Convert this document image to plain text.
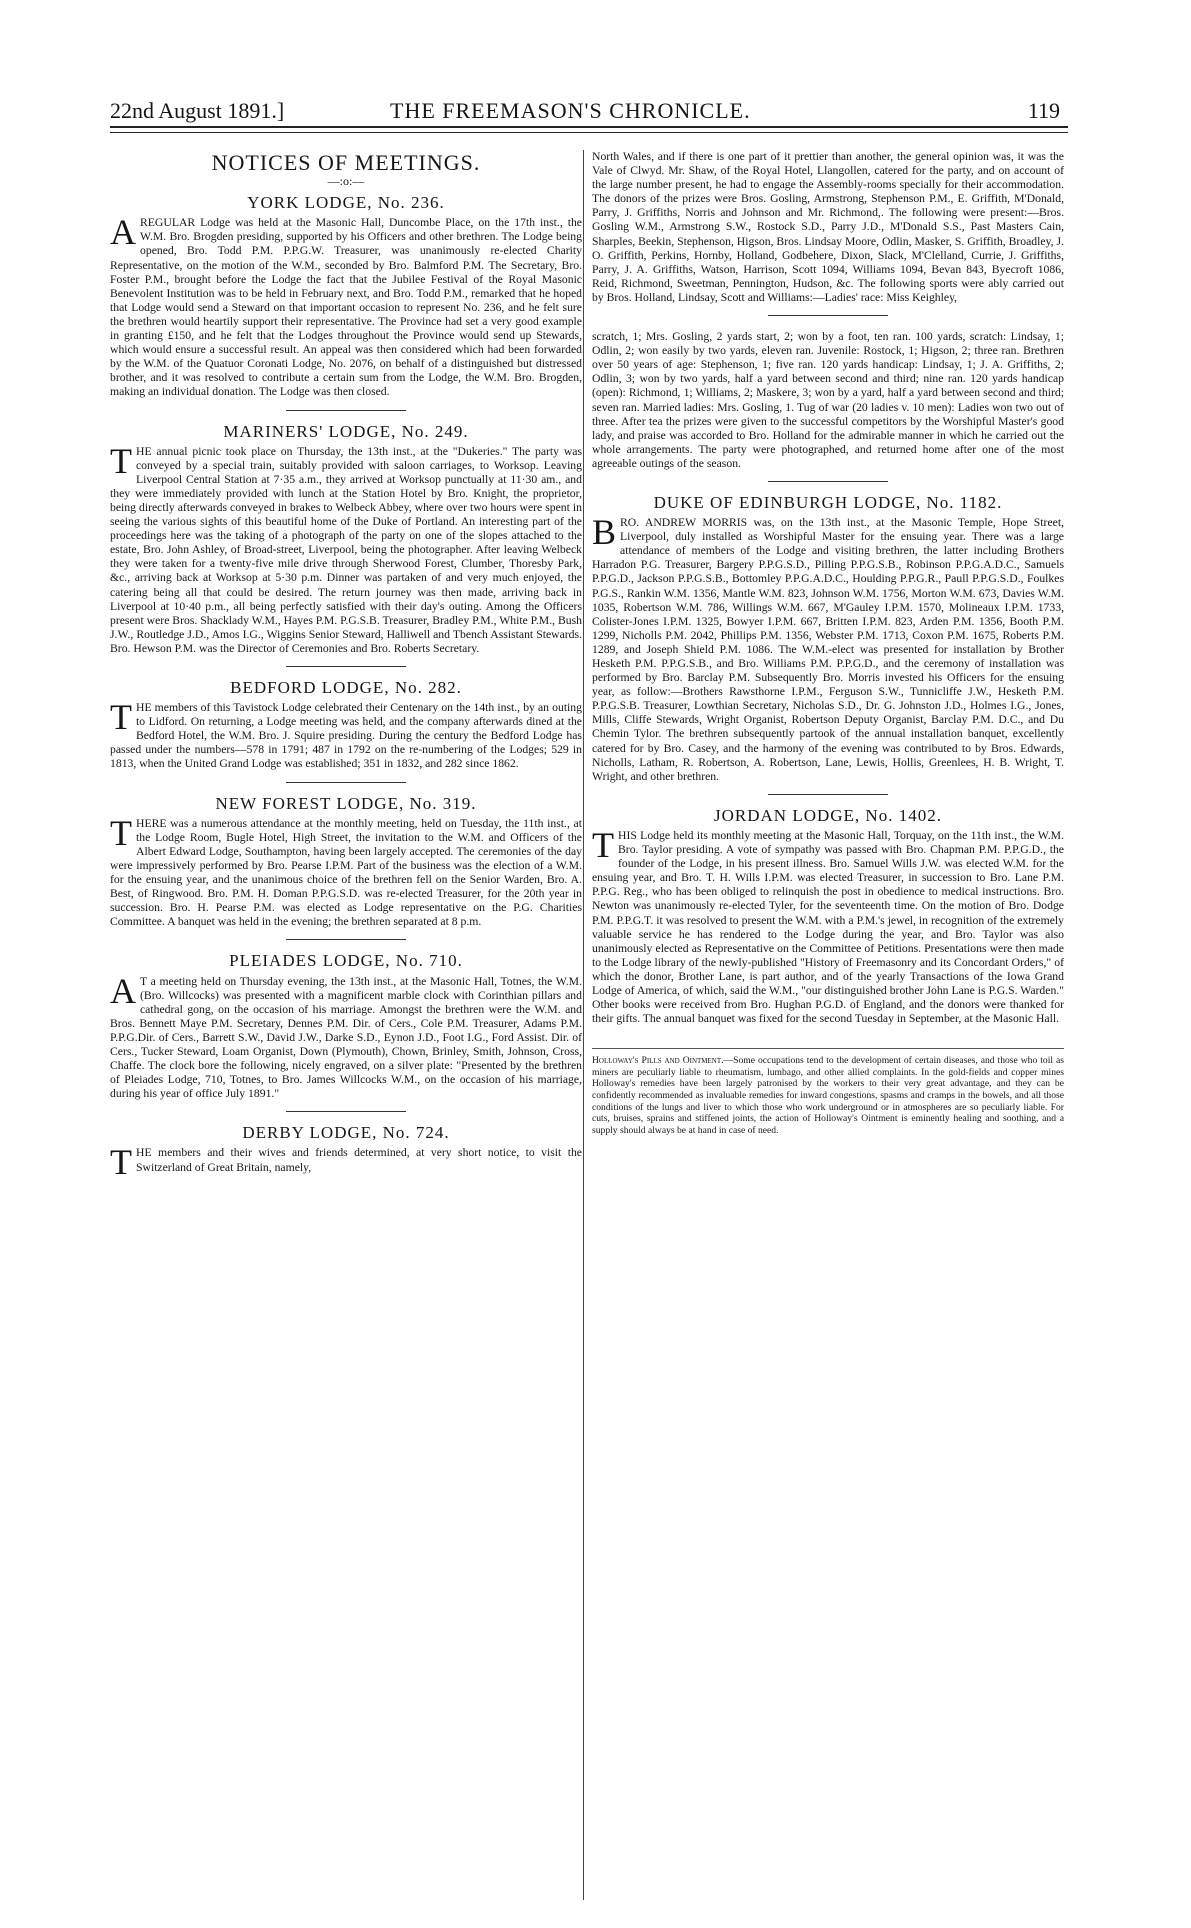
22nd August 1891.]	THE FREEMASON'S CHRONICLE.	119
NOTICES OF MEETINGS.
—:o:—
YORK LODGE, No. 236.
AREGULAR Lodge was held at the Masonic Hall, Duncombe Place, on the 17th inst., the W.M. Bro. Brogden presiding, supported by his Officers and other brethren. The Lodge being opened, Bro. Todd P.M. P.P.G.W. Treasurer, was unanimously re-elected Charity Representative, on the motion of the W.M., seconded by Bro. Balmford P.M. The Secretary, Bro. Foster P.M., brought before the Lodge the fact that the Jubilee Festival of the Royal Masonic Benevolent Institution was to be held in February next, and Bro. Todd P.M., remarked that he hoped that Lodge would send a Steward on that important occasion to represent No. 236, and he felt sure the brethren would heartily support their representative. The Province had set a very good example in granting £150, and he felt that the Lodges throughout the Province would send up Stewards, which would ensure a successful result. An appeal was then considered which had been forwarded by the W.M. of the Quatuor Coronati Lodge, No. 2076, on behalf of a distinguished but distressed brother, and it was resolved to contribute a certain sum from the Lodge, the W.M. Bro. Brogden, making an individual donation. The Lodge was then closed.
MARINERS' LODGE, No. 249.
THE annual picnic took place on Thursday, the 13th inst., at the "Dukeries." The party was conveyed by a special train, suitably provided with saloon carriages, to Worksop. Leaving Liverpool Central Station at 7·35 a.m., they arrived at Worksop punctually at 11·30 am., and they were immediately provided with lunch at the Station Hotel by Bro. Knight, the proprietor, being directly afterwards conveyed in brakes to Welbeck Abbey, where over two hours were spent in seeing the various sights of this beautiful home of the Duke of Portland. An interesting part of the proceedings here was the taking of a photograph of the party on one of the slopes attached to the estate, Bro. John Ashley, of Broad-street, Liverpool, being the photographer. After leaving Welbeck they were taken for a twenty-five mile drive through Sherwood Forest, Clumber, Thoresby Park, &c., arriving back at Worksop at 5·30 p.m. Dinner was partaken of and very much enjoyed, the catering being all that could be desired. The return journey was then made, arriving back in Liverpool at 10·40 p.m., all being perfectly satisfied with their day's outing. Among the Officers present were Bros. Shacklady W.M., Hayes P.M. P.G.S.B. Treasurer, Bradley P.M., White P.M., Bush J.W., Routledge J.D., Amos I.G., Wiggins Senior Steward, Halliwell and Tbench Assistant Stewards. Bro. Hewson P.M. was the Director of Ceremonies and Bro. Roberts Secretary.
BEDFORD LODGE, No. 282.
THE members of this Tavistock Lodge celebrated their Centenary on the 14th inst., by an outing to Lidford. On returning, a Lodge meeting was held, and the company afterwards dined at the Bedford Hotel, the W.M. Bro. J. Squire presiding. During the century the Bedford Lodge has passed under the numbers—578 in 1791; 487 in 1792 on the re-numbering of the Lodges; 529 in 1813, when the United Grand Lodge was established; 351 in 1832, and 282 since 1862.
NEW FOREST LODGE, No. 319.
THERE was a numerous attendance at the monthly meeting, held on Tuesday, the 11th inst., at the Lodge Room, Bugle Hotel, High Street, the invitation to the W.M. and Officers of the Albert Edward Lodge, Southampton, having been largely accepted. The ceremonies of the day were impressively performed by Bro. Pearse I.P.M. Part of the business was the election of a W.M. for the ensuing year, and the unanimous choice of the brethren fell on the Senior Warden, Bro. A. Best, of Ringwood. Bro. P.M. H. Doman P.P.G.S.D. was re-elected Treasurer, for the 20th year in succession. Bro. H. Pearse P.M. was elected as Lodge representative on the P.G. Charities Committee. A banquet was held in the evening; the brethren separated at 8 p.m.
PLEIADES LODGE, No. 710.
A T a meeting held on Thursday evening, the 13th inst., at the Masonic Hall, Totnes, the W.M. (Bro. Willcocks) was presented with a magnificent marble clock with Corinthian pillars and cathedral gong, on the occasion of his marriage. Amongst the brethren were the W.M. and Bros. Bennett Maye P.M. Secretary, Dennes P.M. Dir. of Cers., Cole P.M. Treasurer, Adams P.M. P.P.G.Dir. of Cers., Barrett S.W., David J.W., Darke S.D., Eynon J.D., Foot I.G., Ford Assist. Dir. of Cers., Tucker Steward, Loam Organist, Down (Plymouth), Chown, Brinley, Smith, Johnson, Cross, Chaffe. The clock bore the following, nicely engraved, on a silver plate: "Presented by the brethren of Pleiades Lodge, 710, Totnes, to Bro. James Willcocks W.M., on the occasion of his marriage, during his year of office July 1891."
DERBY LODGE, No. 724.
THE members and their wives and friends determined, at very short notice, to visit the Switzerland of Great Britain, namely,
North Wales, and if there is one part of it prettier than another, the general opinion was, it was the Vale of Clwyd. Mr. Shaw, of the Royal Hotel, Llangollen, catered for the party, and on account of the large number present, he had to engage the Assembly-rooms specially for their accommodation. The donors of the prizes were Bros. Gosling, Armstrong, Stephenson P.M., E. Griffith, M'Donald, Parry, J. Griffiths, Norris and Johnson and Mr. Richmond,. The following were present:—Bros. Gosling W.M., Armstrong S.W., Rostock S.D., Parry J.D., M'Donald S.S., Past Masters Cain, Sharples, Beekin, Stephenson, Higson, Bros. Lindsay Moore, Odlin, Masker, S. Griffith, Broadley, J. O. Griffith, Perkins, Hornby, Holland, Godbehere, Dixon, Slack, M'Clelland, Currie, J. Griffiths, Parry, J. A. Griffiths, Watson, Harrison, Scott 1094, Williams 1094, Bevan 843, Byecroft 1086, Reid, Richmond, Sweetman, Pennington, Hudson, &c. The following sports were ably carried out by Bros. Holland, Lindsay, Scott and Williams:—Ladies' race: Miss Keighley,
scratch, 1; Mrs. Gosling, 2 yards start, 2; won by a foot, ten ran. 100 yards, scratch: Lindsay, 1; Odlin, 2; won easily by two yards, eleven ran. Juvenile: Rostock, 1; Higson, 2; three ran. Brethren over 50 years of age: Stephenson, 1; five ran. 120 yards handicap: Lindsay, 1; J. A. Griffiths, 2; Odlin, 3; won by two yards, half a yard between second and third; nine ran. 120 yards handicap (open): Richmond, 1; Williams, 2; Maskere, 3; won by a yard, half a yard between second and third; seven ran. Married ladies: Mrs. Gosling, 1. Tug of war (20 ladies v. 10 men): Ladies won two out of three. After tea the prizes were given to the successful competitors by the Worshipful Master's good lady, and praise was accorded to Bro. Holland for the admirable manner in which he carried out the whole arrangements. The party were photographed, and returned home after one of the most agreeable outings of the season.
DUKE OF EDINBURGH LODGE, No. 1182.
BRO. ANDREW MORRIS was, on the 13th inst., at the Masonic Temple, Hope Street, Liverpool, duly installed as Worshipful Master for the ensuing year. There was a large attendance of members of the Lodge and visiting brethren, the latter including Brothers Harradon P.G. Treasurer, Bargery P.P.G.S.D., Pilling P.P.G.S.B., Robinson P.P.G.A.D.C., Samuels P.P.G.D., Jackson P.P.G.S.B., Bottomley P.P.G.A.D.C., Houlding P.P.G.R., Paull P.P.G.S.D., Foulkes P.G.S., Rankin W.M. 1356, Mantle W.M. 823, Johnson W.M. 1756, Morton W.M. 673, Davies W.M. 1035, Robertson W.M. 786, Willings W.M. 667, M'Gauley I.P.M. 1570, Molineaux I.P.M. 1733, Colister-Jones I.P.M. 1325, Bowyer I.P.M. 667, Britten I.P.M. 823, Arden P.M. 1356, Booth P.M. 1299, Nicholls P.M. 2042, Phillips P.M. 1356, Webster P.M. 1713, Coxon P.M. 1675, Roberts P.M. 1289, and Joseph Shield P.M. 1086. The W.M.-elect was presented for installation by Brother Hesketh P.M. P.P.G.S.B., and Bro. Williams P.M. P.P.G.D., and the ceremony of installation was performed by Bro. Barclay P.M. Subsequently Bro. Morris invested his Officers for the ensuing year, as follow:—Brothers Rawsthorne I.P.M., Ferguson S.W., Tunnicliffe J.W., Hesketh P.M. P.P.G.S.B. Treasurer, Lowthian Secretary, Nicholas S.D., Dr. G. Johnston J.D., Holmes I.G., Jones, Mills, Cliffe Stewards, Wright Organist, Robertson Deputy Organist, Barclay P.M. D.C., and Du Chemin Tylor. The brethren subsequently partook of the annual installation banquet, excellently catered for by Bro. Casey, and the harmony of the evening was contributed to by Bros. Edwards, Nicholls, Latham, R. Robertson, A. Robertson, Lane, Lewis, Hollis, Greenlees, H. B. Wright, T. Wright, and other brethren.
JORDAN LODGE, No. 1402.
THIS Lodge held its monthly meeting at the Masonic Hall, Torquay, on the 11th inst., the W.M. Bro. Taylor presiding. A vote of sympathy was passed with Bro. Chapman P.M. P.P.G.D., the founder of the Lodge, in his present illness. Bro. Samuel Wills J.W. was elected W.M. for the ensuing year, and Bro. T. H. Wills I.P.M. was elected Treasurer, in succession to Bro. Lane P.M. P.P.G. Reg., who has been obliged to relinquish the post in obedience to medical instructions. Bro. Newton was unanimously re-elected Tyler, for the seventeenth time. On the motion of Bro. Dodge P.M. P.P.G.T. it was resolved to present the W.M. with a P.M.'s jewel, in recognition of the extremely valuable service he has rendered to the Lodge during the year, and Bro. Taylor was also unanimously elected as Representative on the Committee of Petitions. Presentations were then made to the Lodge library of the newly-published "History of Freemasonry and its Concordant Orders," of which the donor, Brother Lane, is part author, and of the yearly Transactions of the Iowa Grand Lodge of America, of which, said the W.M., "our distinguished brother John Lane is P.G.S. Warden." Other books were received from Bro. Hughan P.G.D. of England, and the donors were thanked for their gifts. The annual banquet was fixed for the second Tuesday in September, at the Masonic Hall.
Holloway's Pills and Ointment.—Some occupations tend to the development of certain diseases, and those who toil as miners are peculiarly liable to rheumatism, lumbago, and other allied complaints. In the gold-fields and copper mines Holloway's remedies have been largely patronised by the workers to their very great advantage, and they can be confidently recommended as invaluable remedies for inward congestions, spasms and cramps in the bowels, and all those conditions of the lungs and liver to which those who work underground or in atmospheres are so peculiarly liable. For cuts, bruises, sprains and stiffened joints, the action of Holloway's Ointment is eminently healing and soothing, and a supply should always be at hand in case of need.
